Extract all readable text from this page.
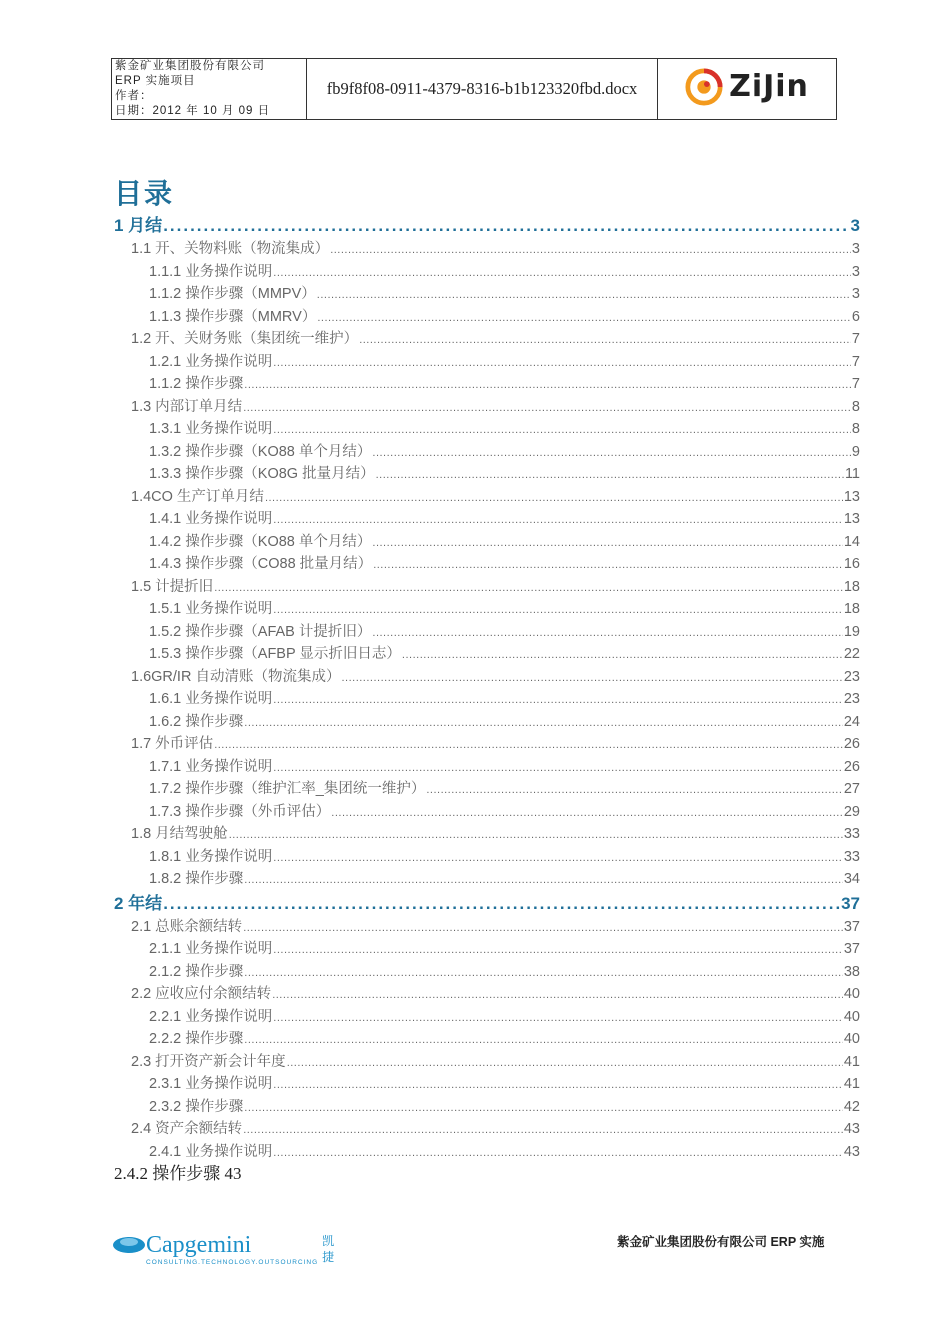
紫金矿业集团股份有限公司
ERP 实施项目
作者：
日期：2012 年 10 月 09 日
	fb9f8f08-0911-4379-8316-b1b123320fbd.docx	ZiJin
目录
1 月结 .....	3
1.1 开、关物料账（物流集成） .....	3
1.1.1 业务操作说明 .....	3
1.1.2 操作步骤（MMPV） .....	3
1.1.3 操作步骤（MMRV） .....	6
1.2 开、关财务账（集团统一维护） .....	7
1.2.1 业务操作说明 .....	7
1.1.2 操作步骤 .....	7
1.3 内部订单月结 .....	8
1.3.1 业务操作说明 .....	8
1.3.2 操作步骤（KO88 单个月结） .....	9
1.3.3 操作步骤（KO8G 批量月结） .....	11
1.4CO 生产订单月结 .....	13
1.4.1 业务操作说明 .....	13
1.4.2 操作步骤（KO88 单个月结） .....	14
1.4.3 操作步骤（CO88 批量月结） .....	16
1.5 计提折旧 .....	18
1.5.1 业务操作说明 .....	18
1.5.2 操作步骤（AFAB 计提折旧） .....	19
1.5.3 操作步骤（AFBP 显示折旧日志） .....	22
1.6GR/IR 自动清账（物流集成） .....	23
1.6.1 业务操作说明 .....	23
1.6.2 操作步骤 .....	24
1.7 外币评估 .....	26
1.7.1 业务操作说明 .....	26
1.7.2 操作步骤（维护汇率_集团统一维护） .....	27
1.7.3 操作步骤（外币评估） .....	29
1.8 月结驾驶舱 .....	33
1.8.1 业务操作说明 .....	33
1.8.2 操作步骤 .....	34
2 年结 .....	37
2.1 总账余额结转 .....	37
2.1.1 业务操作说明 .....	37
2.1.2 操作步骤 .....	38
2.2 应收应付余额结转 .....	40
2.2.1 业务操作说明 .....	40
2.2.2 操作步骤 .....	40
2.3 打开资产新会计年度 .....	41
2.3.1 业务操作说明 .....	41
2.3.2 操作步骤 .....	42
2.4 资产余额结转 .....	43
2.4.1 业务操作说明 .....	43
2.4.2 操作步骤 43
Capgemini
CONSULTING.TECHNOLOGY.OUTSOURCING
凯
捷
紫金矿业集团股份有限公司 ERP 实施
